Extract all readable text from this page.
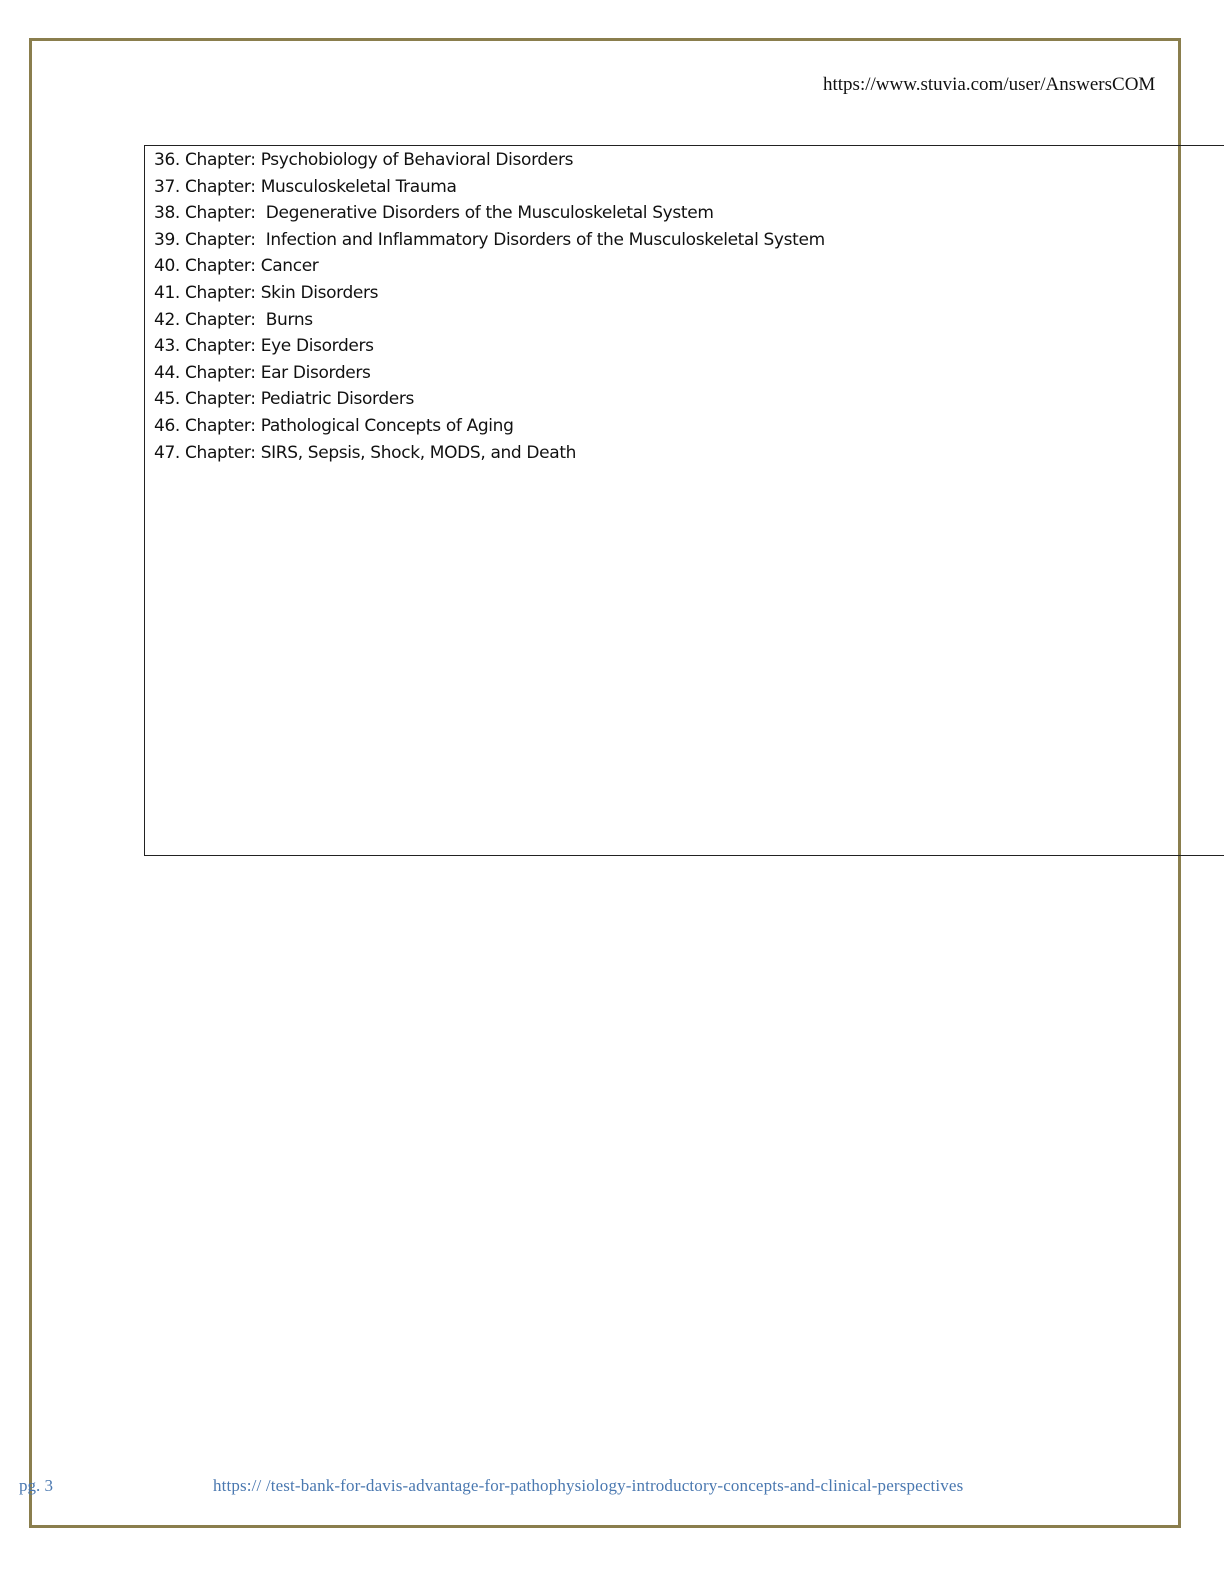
https://www.stuvia.com/user/AnswersCOM
36. Chapter: Psychobiology of Behavioral Disorders
37. Chapter: Musculoskeletal Trauma
38. Chapter:  Degenerative Disorders of the Musculoskeletal System
39. Chapter:  Infection and Inflammatory Disorders of the Musculoskeletal System
40. Chapter: Cancer
41. Chapter: Skin Disorders
42. Chapter:  Burns
43. Chapter: Eye Disorders
44. Chapter: Ear Disorders
45. Chapter: Pediatric Disorders
46. Chapter: Pathological Concepts of Aging
47. Chapter: SIRS, Sepsis, Shock, MODS, and Death
pg. 3	https:// /test-bank-for-davis-advantage-for-pathophysiology-introductory-concepts-and-clinical-perspectives
